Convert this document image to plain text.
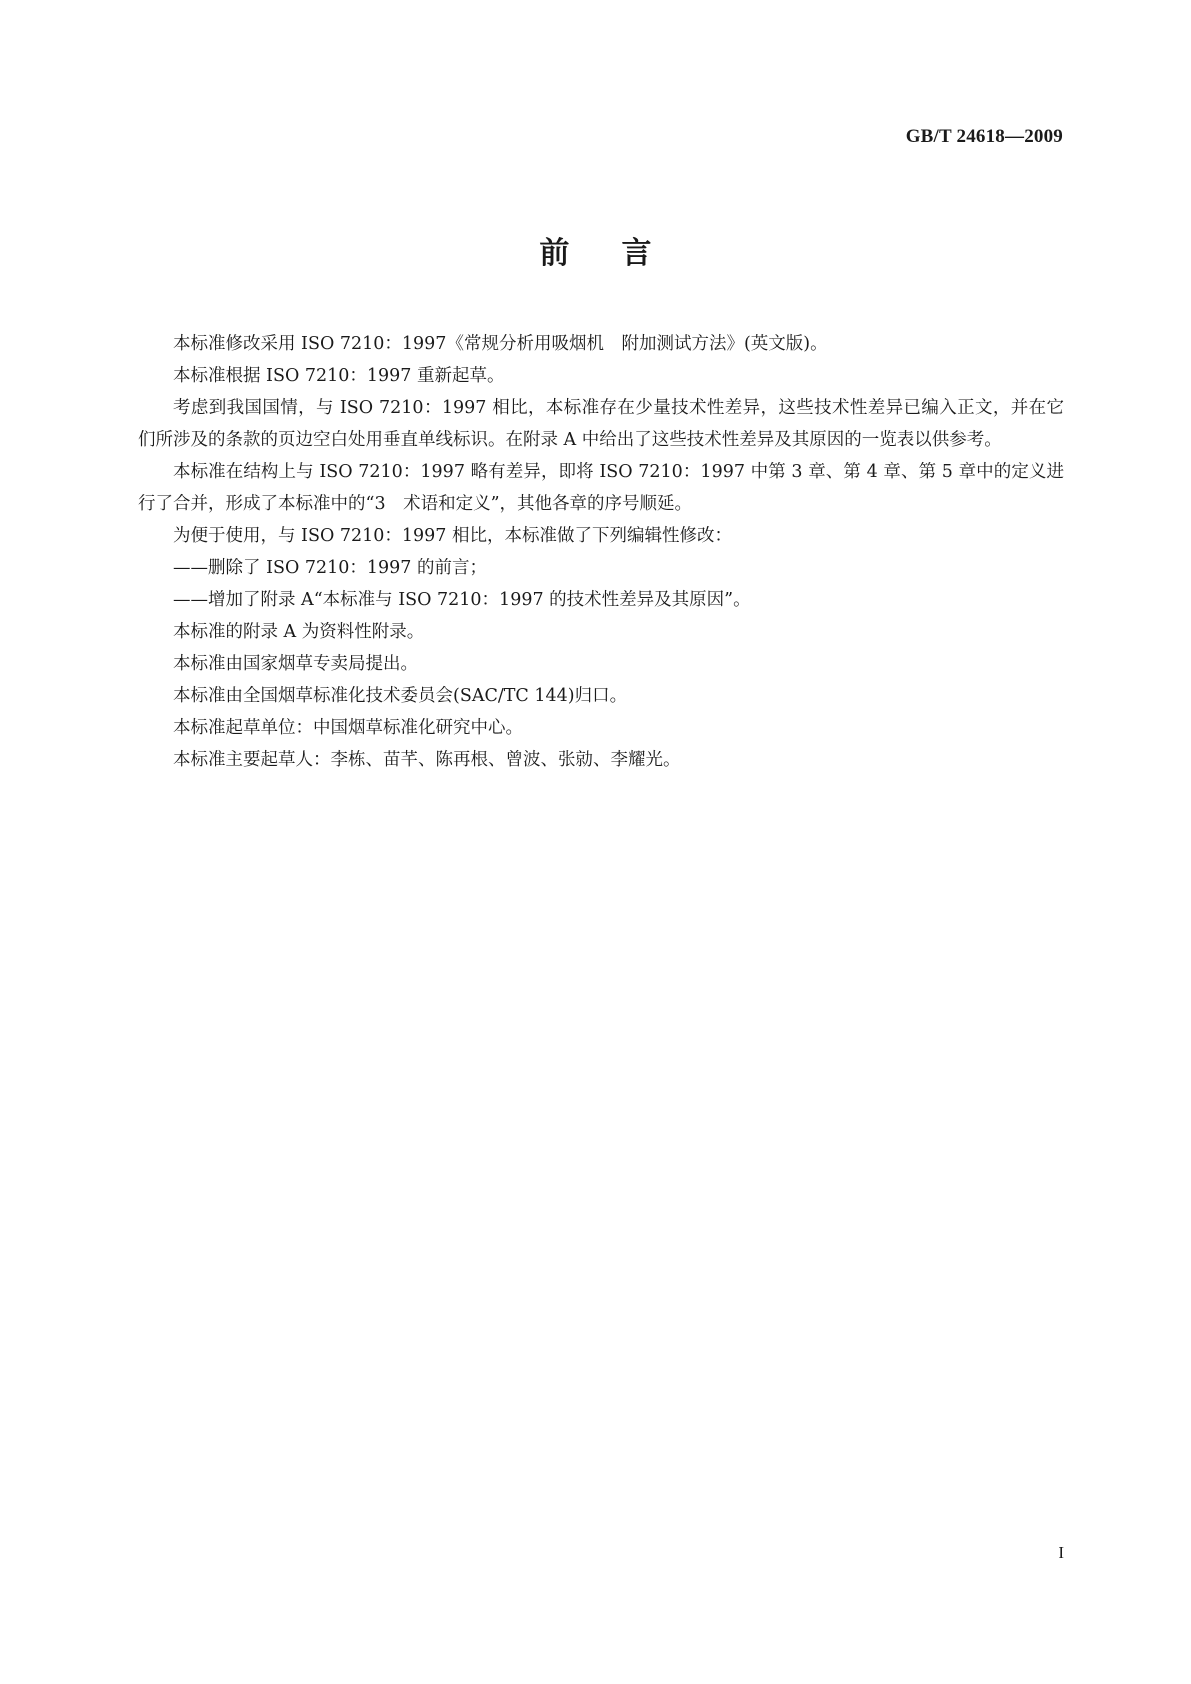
GB/T 24618—2009
前 言

本标准修改采用 ISO 7210：1997《常规分析用吸烟机　附加测试方法》(英文版)。

本标准根据 ISO 7210：1997 重新起草。

考虑到我国国情，与 ISO 7210：1997 相比，本标准存在少量技术性差异，这些技术性差异已编入正文，并在它们所涉及的条款的页边空白处用垂直单线标识。在附录 A 中给出了这些技术性差异及其原因的一览表以供参考。

本标准在结构上与 ISO 7210：1997 略有差异，即将 ISO 7210：1997 中第 3 章、第 4 章、第 5 章中的定义进行了合并，形成了本标准中的“3　术语和定义”，其他各章的序号顺延。

为便于使用，与 ISO 7210：1997 相比，本标准做了下列编辑性修改：

——删除了 ISO 7210：1997 的前言；

——增加了附录 A“本标准与 ISO 7210：1997 的技术性差异及其原因”。

本标准的附录 A 为资料性附录。

本标准由国家烟草专卖局提出。

本标准由全国烟草标准化技术委员会(SAC/TC 144)归口。

本标准起草单位：中国烟草标准化研究中心。

本标准主要起草人：李栋、苗芊、陈再根、曾波、张勍、李耀光。

I
